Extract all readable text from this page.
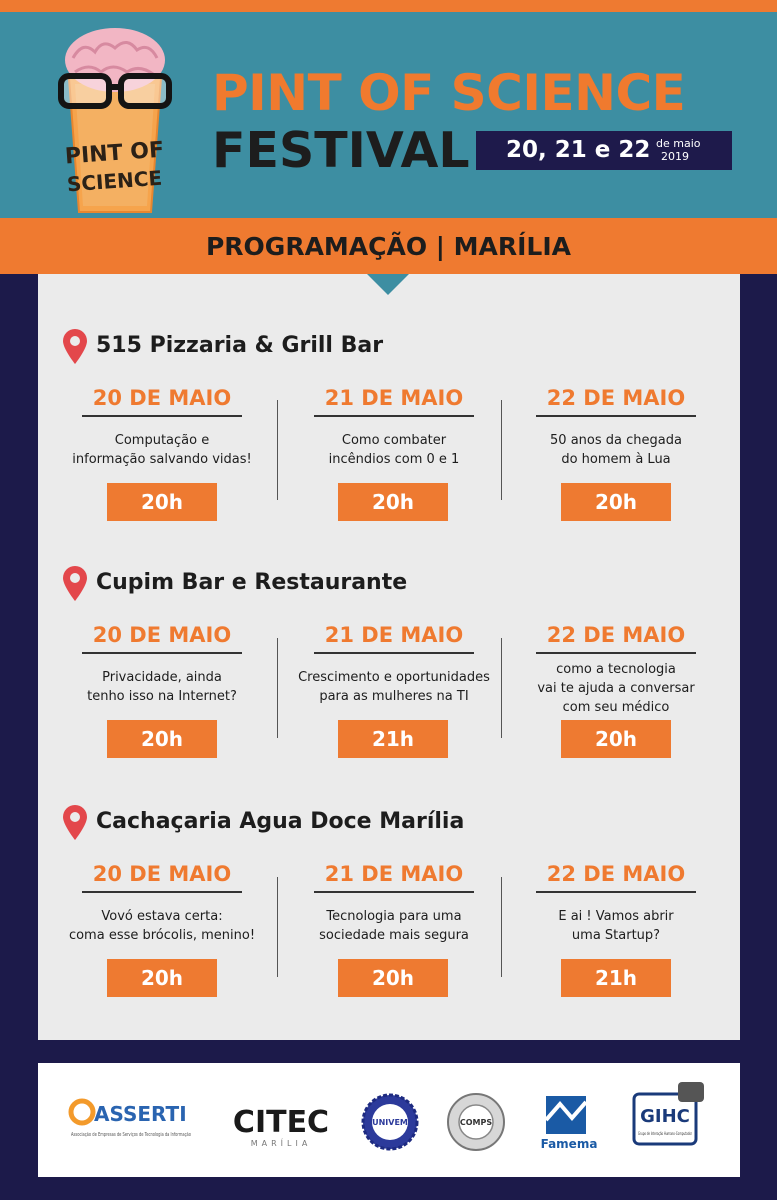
PINT OF
SCIENCE
PINT OF SCIENCE
FESTIVAL 20, 21 e 22 de maio
2019
PROGRAMAÇÃO | MARÍLIA
515 Pizzaria & Grill Bar
20 DE MAIO
Computação e
informação salvando vidas!
20h
21 DE MAIO
Como combater
incêndios com 0 e 1
20h
22 DE MAIO
50 anos da chegada
do homem à Lua
20h
Cupim Bar e Restaurante
20 DE MAIO
Privacidade, ainda
tenho isso na Internet?
20h
21 DE MAIO
Crescimento e oportunidades
para as mulheres na TI
21h
22 DE MAIO
como a tecnologia
vai te ajuda a conversar
com seu médico
20h
Cachaçaria Agua Doce Marília
20 DE MAIO
Vovó estava certa:
coma esse brócolis, menino!
20h
21 DE MAIO
Tecnologia para uma
sociedade mais segura
20h
22 DE MAIO
E ai ! Vamos abrir
uma Startup?
21h
ASSERTI
Associação de Empresas de Serviços de Tecnologia da Informação CITEC
MARÍLIA
UNIVEM	COMPS
Famema
GIHC
Grupo de Interação Humano-Computador
